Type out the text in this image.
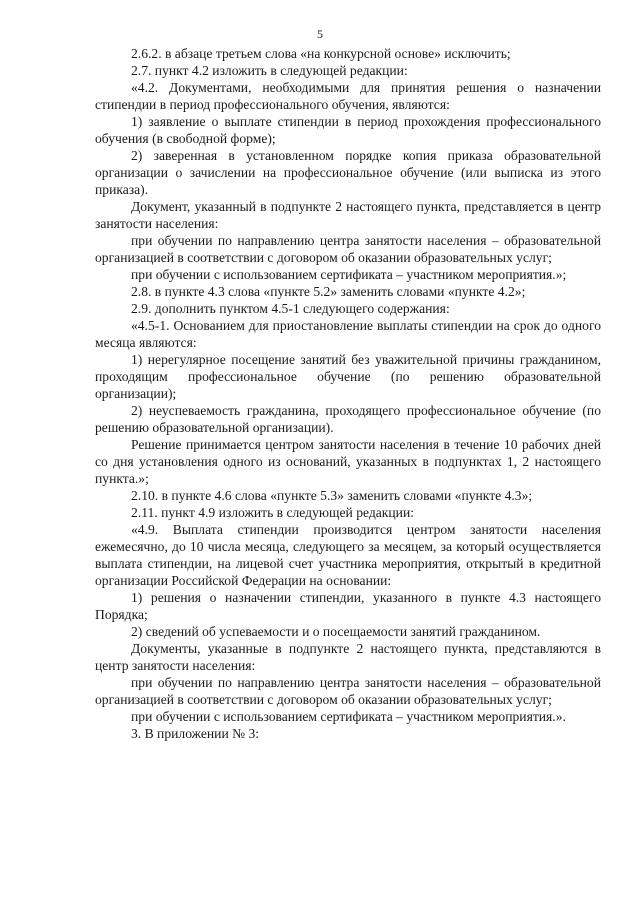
5

2.6.2. в абзаце третьем слова «на конкурсной основе» исключить;

2.7. пункт 4.2 изложить в следующей редакции:

«4.2. Документами, необходимыми для принятия решения о назначении стипендии в период профессионального обучения, являются:

1) заявление о выплате стипендии в период прохождения профессионального обучения (в свободной форме);

2) заверенная в установленном порядке копия приказа образовательной организации о зачислении на профессиональное обучение (или выписка из этого приказа).

Документ, указанный в подпункте 2 настоящего пункта, представляется в центр занятости населения:

при обучении по направлению центра занятости населения – образовательной организацией в соответствии с договором об оказании образовательных услуг;

при обучении с использованием сертификата – участником мероприятия.»;

2.8. в пункте 4.3 слова «пункте 5.2» заменить словами «пункте 4.2»;

2.9. дополнить пунктом 4.5-1 следующего содержания:

«4.5-1. Основанием для приостановление выплаты стипендии на срок до одного месяца являются:

1) нерегулярное посещение занятий без уважительной причины гражданином, проходящим профессиональное обучение (по решению образовательной организации);

2) неуспеваемость гражданина, проходящего профессиональное обучение (по решению образовательной организации).

Решение принимается центром занятости населения в течение 10 рабочих дней со дня установления одного из оснований, указанных в подпунктах 1, 2 настоящего пункта.»;

2.10. в пункте 4.6 слова «пункте 5.3» заменить словами «пункте 4.3»;

2.11. пункт 4.9 изложить в следующей редакции:

«4.9. Выплата стипендии производится центром занятости населения ежемесячно, до 10 числа месяца, следующего за месяцем, за который осуществляется выплата стипендии, на лицевой счет участника мероприятия, открытый в кредитной организации Российской Федерации на основании:

1) решения о назначении стипендии, указанного в пункте 4.3 настоящего Порядка;

2) сведений об успеваемости и о посещаемости занятий гражданином.

Документы, указанные в подпункте 2 настоящего пункта, представляются в центр занятости населения:

при обучении по направлению центра занятости населения – образовательной организацией в соответствии с договором об оказании образовательных услуг;

при обучении с использованием сертификата – участником мероприятия.».

3. В приложении № 3:
